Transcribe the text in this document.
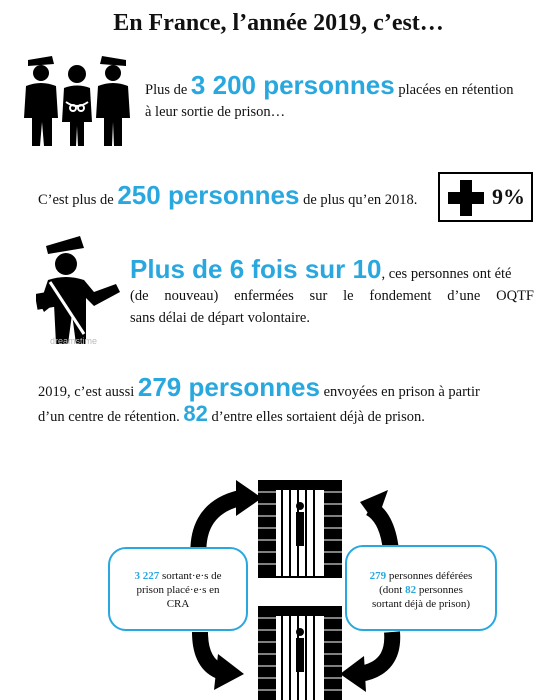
En France, l’année 2019, c’est…
Plus de 3 200 personnes placées en rétention
à leur sortie de prison…
C’est plus de 250 personnes de plus qu’en 2018.	9%
Plus de 6 fois sur 10, ces personnes ont été
(de nouveau) enfermées sur le fondement d’une OQTF
sans délai de départ volontaire.
2019, c’est aussi 279 personnes envoyées en prison à partir
d’un centre de rétention. 82 d’entre elles sortaient déjà de prison.
3 227 sortant·e·s de
prison placé·e·s en
CRA
279 personnes déférées
(dont 82 personnes
sortant déjà de prison)
dreamstime
